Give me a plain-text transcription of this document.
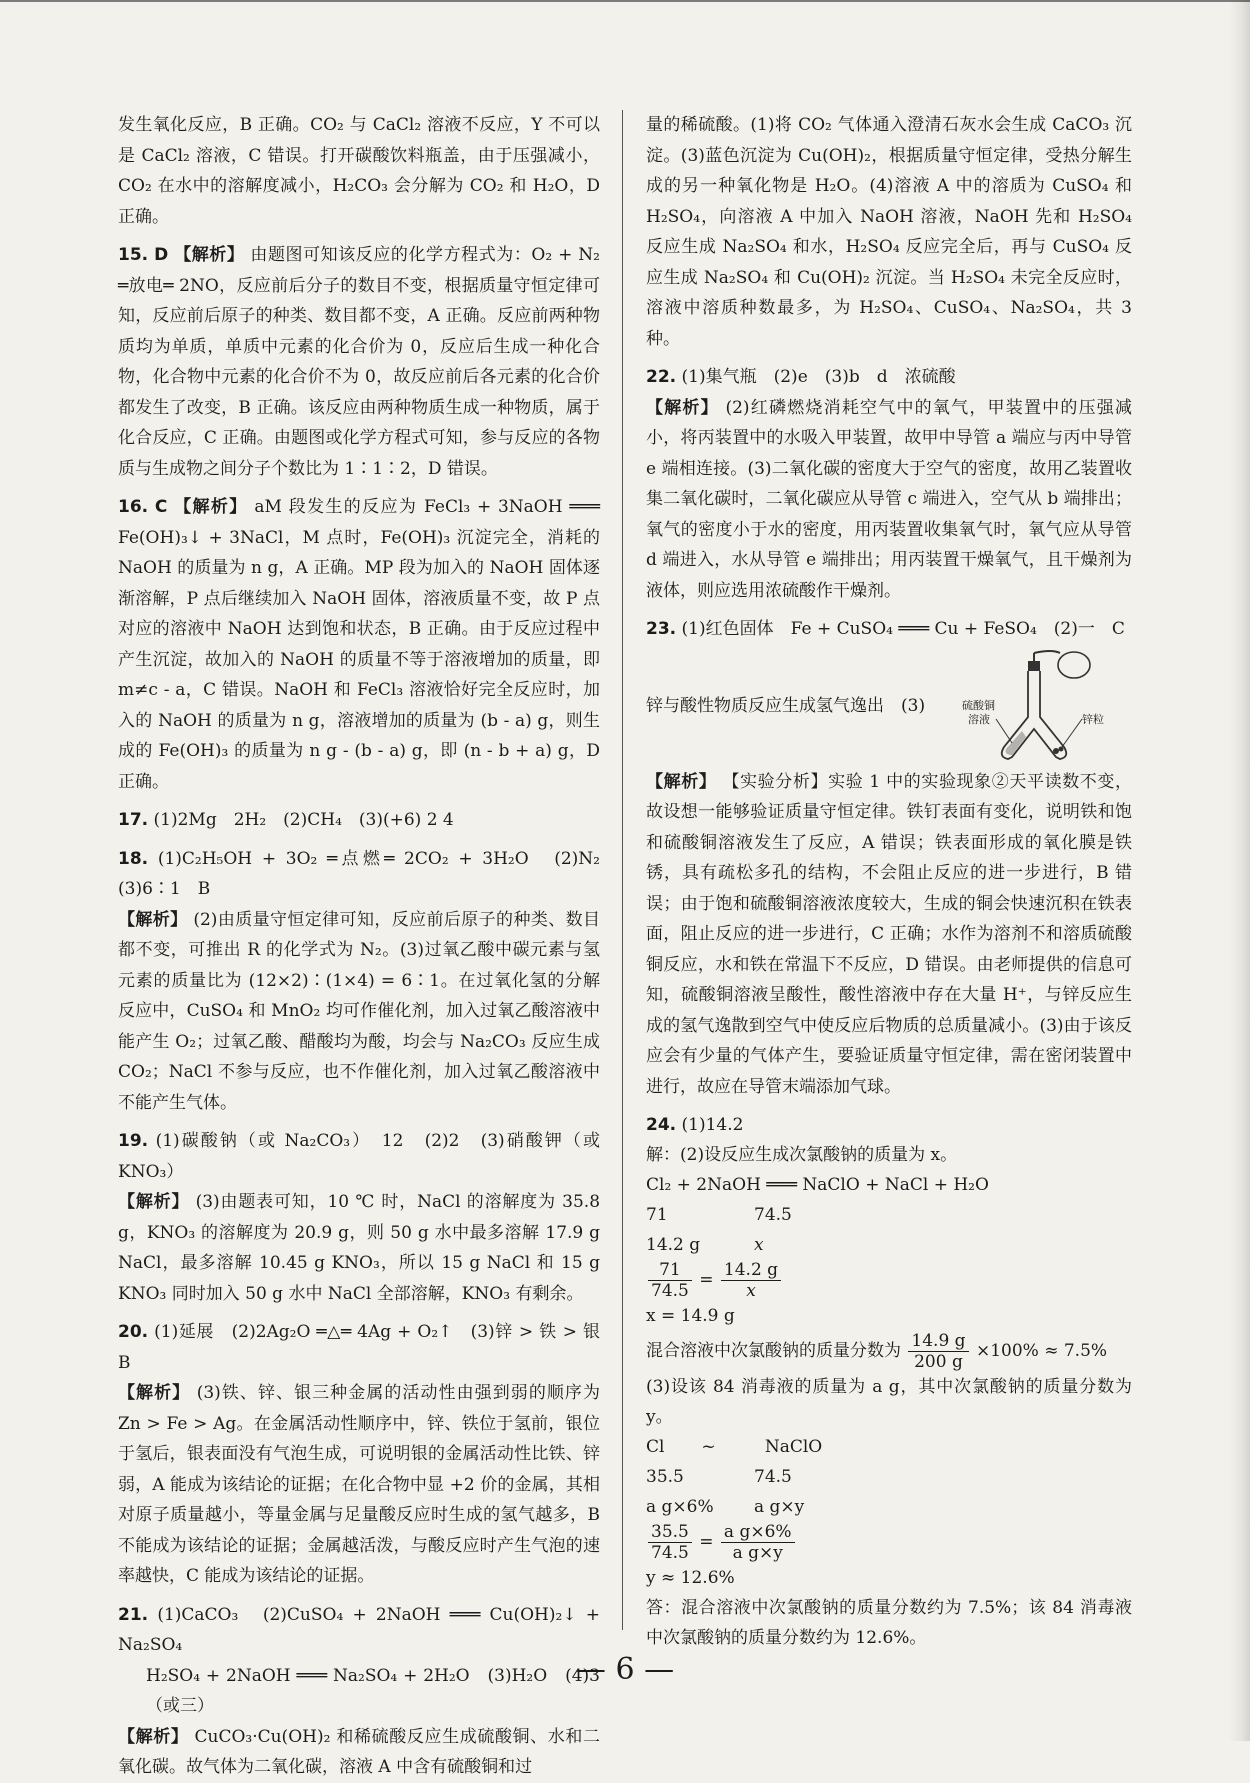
发生氧化反应，B 正确。CO₂ 与 CaCl₂ 溶液不反应，Y 不可以是 CaCl₂ 溶液，C 错误。打开碳酸饮料瓶盖，由于压强减小，CO₂ 在水中的溶解度减小，H₂CO₃ 会分解为 CO₂ 和 H₂O，D 正确。

15. D 【解析】 由题图可知该反应的化学方程式为：O₂ + N₂ ═放电═ 2NO，反应前后分子的数目不变，根据质量守恒定律可知，反应前后原子的种类、数目都不变，A 正确。反应前两种物质均为单质，单质中元素的化合价为 0，反应后生成一种化合物，化合物中元素的化合价不为 0，故反应前后各元素的化合价都发生了改变，B 正确。该反应由两种物质生成一种物质，属于化合反应，C 正确。由题图或化学方程式可知，参与反应的各物质与生成物之间分子个数比为 1∶1∶2，D 错误。

16. C 【解析】 aM 段发生的反应为 FeCl₃ + 3NaOH ═══ Fe(OH)₃↓ + 3NaCl，M 点时，Fe(OH)₃ 沉淀完全，消耗的 NaOH 的质量为 n g，A 正确。MP 段为加入的 NaOH 固体逐渐溶解，P 点后继续加入 NaOH 固体，溶液质量不变，故 P 点对应的溶液中 NaOH 达到饱和状态，B 正确。由于反应过程中产生沉淀，故加入的 NaOH 的质量不等于溶液增加的质量，即 m≠c - a，C 错误。NaOH 和 FeCl₃ 溶液恰好完全反应时，加入的 NaOH 的质量为 n g，溶液增加的质量为 (b - a) g，则生成的 Fe(OH)₃ 的质量为 n g - (b - a) g，即 (n - b + a) g，D 正确。

17. (1)2Mg　2H₂　(2)CH₄　(3)(+6) 2 4

18. (1)C₂H₅OH + 3O₂ ═点燃═ 2CO₂ + 3H₂O　(2)N₂　(3)6∶1　B

【解析】 (2)由质量守恒定律可知，反应前后原子的种类、数目都不变，可推出 R 的化学式为 N₂。(3)过氧乙酸中碳元素与氢元素的质量比为 (12×2)∶(1×4) = 6∶1。在过氧化氢的分解反应中，CuSO₄ 和 MnO₂ 均可作催化剂，加入过氧乙酸溶液中能产生 O₂；过氧乙酸、醋酸均为酸，均会与 Na₂CO₃ 反应生成 CO₂；NaCl 不参与反应，也不作催化剂，加入过氧乙酸溶液中不能产生气体。

19. (1)碳酸钠（或 Na₂CO₃）　12　(2)2　(3)硝酸钾（或 KNO₃）

【解析】 (3)由题表可知，10 ℃ 时，NaCl 的溶解度为 35.8 g，KNO₃ 的溶解度为 20.9 g，则 50 g 水中最多溶解 17.9 g NaCl，最多溶解 10.45 g KNO₃，所以 15 g NaCl 和 15 g KNO₃ 同时加入 50 g 水中 NaCl 全部溶解，KNO₃ 有剩余。

20. (1)延展　(2)2Ag₂O ═△═ 4Ag + O₂↑　(3)锌 > 铁 > 银　B

【解析】 (3)铁、锌、银三种金属的活动性由强到弱的顺序为 Zn > Fe > Ag。在金属活动性顺序中，锌、铁位于氢前，银位于氢后，银表面没有气泡生成，可说明银的金属活动性比铁、锌弱，A 能成为该结论的证据；在化合物中显 +2 价的金属，其相对原子质量越小，等量金属与足量酸反应时生成的氢气越多，B 不能成为该结论的证据；金属越活泼，与酸反应时产生气泡的速率越快，C 能成为该结论的证据。

21. (1)CaCO₃　(2)CuSO₄ + 2NaOH ═══ Cu(OH)₂↓ + Na₂SO₄

H₂SO₄ + 2NaOH ═══ Na₂SO₄ + 2H₂O　(3)H₂O　(4)3（或三）

【解析】 CuCO₃·Cu(OH)₂ 和稀硫酸反应生成硫酸铜、水和二氧化碳。故气体为二氧化碳，溶液 A 中含有硫酸铜和过

量的稀硫酸。(1)将 CO₂ 气体通入澄清石灰水会生成 CaCO₃ 沉淀。(3)蓝色沉淀为 Cu(OH)₂，根据质量守恒定律，受热分解生成的另一种氧化物是 H₂O。(4)溶液 A 中的溶质为 CuSO₄ 和 H₂SO₄，向溶液 A 中加入 NaOH 溶液，NaOH 先和 H₂SO₄ 反应生成 Na₂SO₄ 和水，H₂SO₄ 反应完全后，再与 CuSO₄ 反应生成 Na₂SO₄ 和 Cu(OH)₂ 沉淀。当 H₂SO₄ 未完全反应时，溶液中溶质种数最多，为 H₂SO₄、CuSO₄、Na₂SO₄，共 3 种。

22. (1)集气瓶　(2)e　(3)b　d　浓硫酸

【解析】 (2)红磷燃烧消耗空气中的氧气，甲装置中的压强减小，将丙装置中的水吸入甲装置，故甲中导管 a 端应与丙中导管 e 端相连接。(3)二氧化碳的密度大于空气的密度，故用乙装置收集二氧化碳时，二氧化碳应从导管 c 端进入，空气从 b 端排出；氧气的密度小于水的密度，用丙装置收集氧气时，氧气应从导管 d 端进入，水从导管 e 端排出；用丙装置干燥氧气，且干燥剂为液体，则应选用浓硫酸作干燥剂。

23. (1)红色固体　Fe + CuSO₄ ═══ Cu + FeSO₄　(2)一　C

锌与酸性物质反应生成氢气逸出　(3)	硫酸铜
溶液	锌粒

【解析】 【实验分析】实验 1 中的实验现象②天平读数不变，故设想一能够验证质量守恒定律。铁钉表面有变化，说明铁和饱和硫酸铜溶液发生了反应，A 错误；铁表面形成的氧化膜是铁锈，具有疏松多孔的结构，不会阻止反应的进一步进行，B 错误；由于饱和硫酸铜溶液浓度较大，生成的铜会快速沉积在铁表面，阻止反应的进一步进行，C 正确；水作为溶剂不和溶质硫酸铜反应，水和铁在常温下不反应，D 错误。由老师提供的信息可知，硫酸铜溶液呈酸性，酸性溶液中存在大量 H⁺，与锌反应生成的氢气逸散到空气中使反应后物质的总质量减小。(3)由于该反应会有少量的气体产生，要验证质量守恒定律，需在密闭装置中进行，故应在导管末端添加气球。

24. (1)14.2

解：(2)设反应生成次氯酸钠的质量为 x。

Cl₂ + 2NaOH ═══ NaClO + NaCl + H₂O

71	74.5

14.2 g	x

$\frac{71}{74.5} = \frac{14.2 g}{x}$

x = 14.9 g

混合溶液中次氯酸钠的质量分数为 $\frac{14.9 g}{200 g} \times 100\% \approx 7.5\%$

(3)设该 84 消毒液的质量为 a g，其中次氯酸钠的质量分数为 y。

Cl ~	NaClO

35.5	74.5

a g×6%	a g×y

$\frac{35.5}{74.5} = \frac{\text{a g×6\%}}{\text{a g×y}}$

y ≈ 12.6%

答：混合溶液中次氯酸钠的质量分数约为 7.5%；该 84 消毒液中次氯酸钠的质量分数约为 12.6%。

— 6 —
